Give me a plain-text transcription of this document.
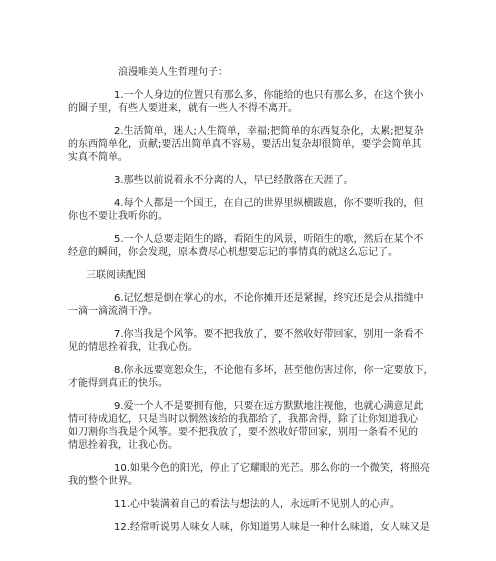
浪漫唯美人生哲理句子：
1.一个人身边的位置只有那么多，你能给的也只有那么多，在这个狭小
的圈子里，有些人要进来，就有一些人不得不离开。
2.生活简单，迷人;人生简单，幸福;把简单的东西复杂化，太累;把复杂
的东西简单化，贡献;要活出简单真不容易，要活出复杂却很简单，要学会简单其
实真不简单。
3.那些以前说着永不分离的人，早已经散落在天涯了。
4.每个人都是一个国王，在自己的世界里纵横跋扈，你不要听我的，但
你也不要让我听你的。
5.一个人总要走陌生的路，看陌生的风景，听陌生的歌，然后在某个不
经意的瞬间，你会发现，原本费尽心机想要忘记的事情真的就这么忘记了。
三联阅读配图
6.记忆想是倒在掌心的水，不论你摊开还是紧握，终究还是会从指缝中
一滴一滴流淌干净。
7.你当我是个风筝。要不把我放了，要不然收好带回家，别用一条看不
见的情思拴着我，让我心伤。
8.你永远要宽恕众生，不论他有多坏，甚至他伤害过你，你一定要放下，
才能得到真正的快乐。
9.爱一个人不是要拥有他，只要在远方默默地注视他，也就心满意足此
情可待成追忆，只是当时以惘然该给的我都给了，我都舍得，除了让你知道我心
如刀割你当我是个风筝。要不把我放了，要不然收好带回家，别用一条看不见的
情思拴着我，让我心伤。
10.如果今色的阳光，停止了它耀眼的光芒。那么你的一个微笑，将照亮
我的整个世界。
11.心中装满着自己的看法与想法的人，永远听不见别人的心声。
12.经常听说男人味女人味，你知道男人味是一种什么味道，女人味又是
